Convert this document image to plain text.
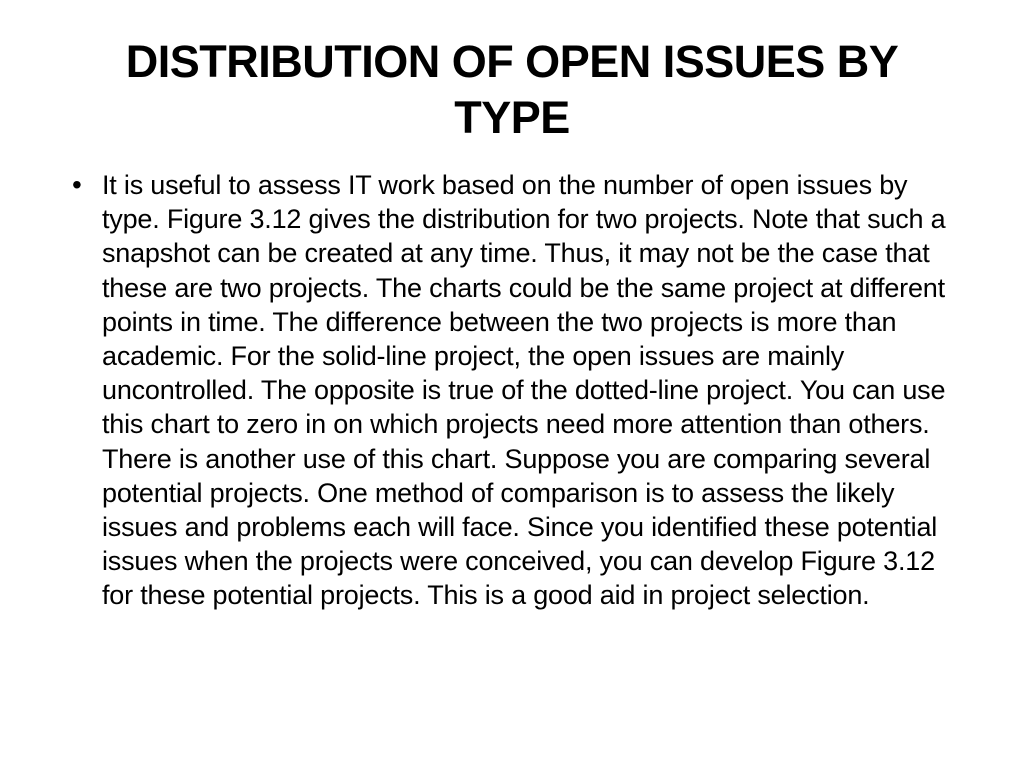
DISTRIBUTION OF OPEN ISSUES BY TYPE
• It is useful to assess IT work based on the number of open issues by type. Figure 3.12 gives the distribution for two projects. Note that such a snapshot can be created at any time. Thus, it may not be the case that these are two projects. The charts could be the same project at different points in time. The difference between the two projects is more than academic. For the solid-line project, the open issues are mainly uncontrolled. The opposite is true of the dotted-line project. You can use this chart to zero in on which projects need more attention than others. There is another use of this chart. Suppose you are comparing several potential projects. One method of comparison is to assess the likely issues and problems each will face. Since you identified these potential issues when the projects were conceived, you can develop Figure 3.12 for these potential projects. This is a good aid in project selection.
